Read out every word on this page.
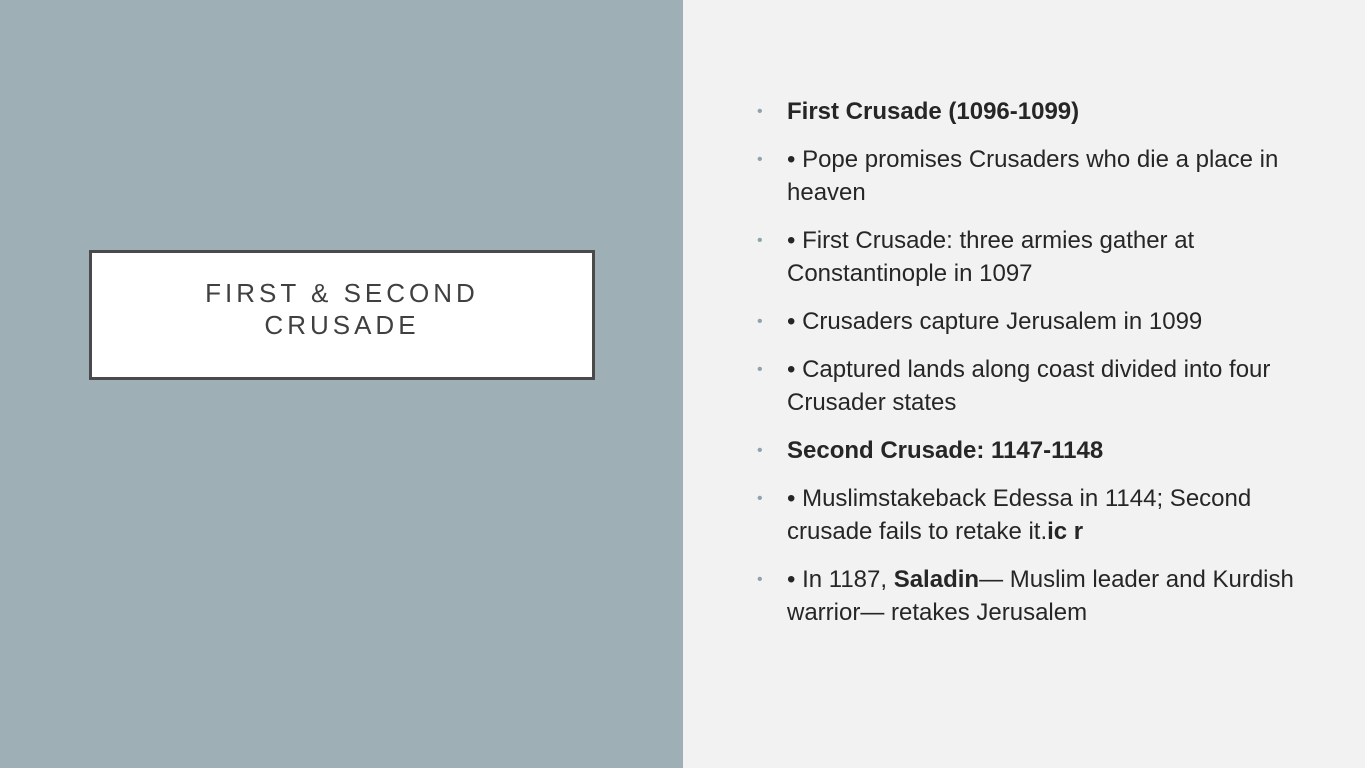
FIRST & SECOND
CRUSADE
• First Crusade (1096-1099)
• • Pope promises Crusaders who die a place in heaven
• • First Crusade: three armies gather at Constantinople in 1097
• • Crusaders capture Jerusalem in 1099
• • Captured lands along coast divided into four Crusader states
• Second Crusade: 1147-1148
• • Muslimstakeback Edessa in 1144; Second crusade fails to retake it.ic r
• • In 1187, Saladin— Muslim leader and Kurdish warrior— retakes Jerusalem
